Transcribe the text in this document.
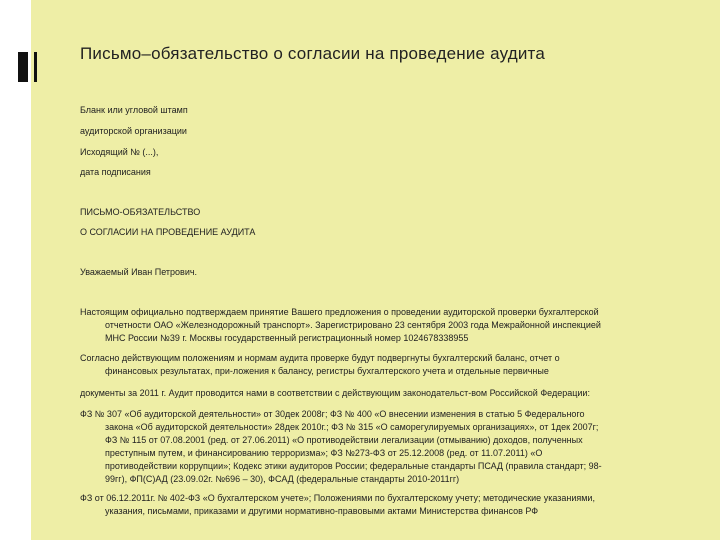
Письмо–обязательство о согласии на проведение аудита
Бланк или угловой штамп
аудиторской организации
Исходящий № (...),
дата подписания
ПИСЬМО-ОБЯЗАТЕЛЬСТВО
О СОГЛАСИИ НА ПРОВЕДЕНИЕ АУДИТА
Уважаемый Иван Петрович.
Настоящим официально подтверждаем принятие Вашего предложения о проведении аудиторской проверки бухгалтерской
отчетности ОАО «Железнодорожный транспорт». Зарегистрировано 23 сентября 2003 года Межрайонной инспекцией
МНС России №39 г. Москвы государственный регистрационный номер 1024678338955
Согласно действующим положениям и нормам аудита проверке будут подвергнуты бухгалтерский баланс, отчет о
финансовых результатах, при-ложения к балансу, регистры бухгалтерского учета и отдельные первичные
документы за 2011 г. Аудит проводится нами в соответствии с действующим законодательст-вом Российской Федерации:
ФЗ № 307 «Об аудиторской деятельности» от 30дек 2008г; ФЗ № 400 «О внесении изменения в статью 5 Федерального
закона «Об аудиторской деятельности» 28дек 2010г.; ФЗ № 315 «О саморегулируемых организациях», от 1дек 2007г;
ФЗ № 115 от 07.08.2001 (ред. от 27.06.2011) «О противодействии легализации (отмыванию) доходов, полученных
преступным путем, и финансированию терроризма»; ФЗ №273-ФЗ от 25.12.2008 (ред. от 11.07.2011) «О
противодействии коррупции»; Кодекс этики аудиторов России; федеральные стандарты ПСАД (правила стандарт; 98-
99гг), ФП(С)АД (23.09.02г. №696 – 30), ФСАД (федеральные стандарты 2010-2011гг)
ФЗ от 06.12.2011г. № 402-ФЗ «О бухгалтерском учете»; Положениями по бухгалтерскому учету; методические указаниями,
указания, письмами, приказами и другими нормативно-правовыми актами Министерства финансов РФ
